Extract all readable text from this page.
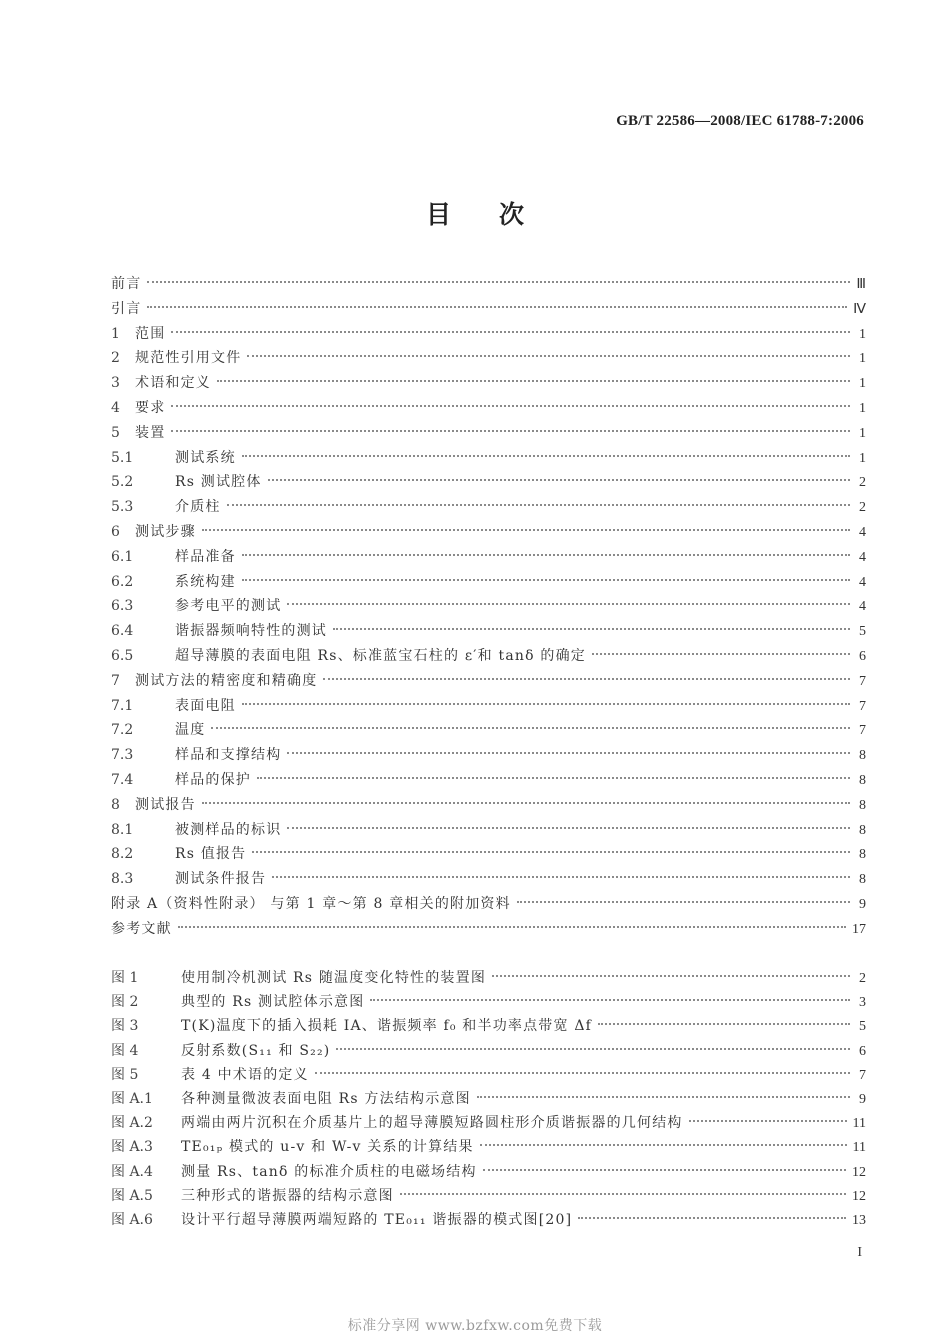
GB/T 22586—2008/IEC 61788-7:2006
目次
前言	Ⅲ
引言	Ⅳ
1	范围	1
2	规范性引用文件	1
3	术语和定义	1
4	要求	1
5	装置	1
5.1	测试系统	1
5.2	Rs 测试腔体	2
5.3	介质柱	2
6	测试步骤	4
6.1	样品准备	4
6.2	系统构建	4
6.3	参考电平的测试	4
6.4	谐振器频响特性的测试	5
6.5	超导薄膜的表面电阻 Rs、标准蓝宝石柱的 ε′和 tanδ 的确定	6
7	测试方法的精密度和精确度	7
7.1	表面电阻	7
7.2	温度	7
7.3	样品和支撑结构	8
7.4	样品的保护	8
8	测试报告	8
8.1	被测样品的标识	8
8.2	Rs 值报告	8
8.3	测试条件报告	8
附录 A（资料性附录） 与第 1 章～第 8 章相关的附加资料	9
参考文献	17
图 1	使用制冷机测试 Rs 随温度变化特性的装置图	2
图 2	典型的 Rs 测试腔体示意图	3
图 3	T(K)温度下的插入损耗 IA、谐振频率 f₀ 和半功率点带宽 Δf	5
图 4	反射系数(S₁₁ 和 S₂₂)	6
图 5	表 4 中术语的定义	7
图 A.1	各种测量微波表面电阻 Rs 方法结构示意图	9
图 A.2	两端由两片沉积在介质基片上的超导薄膜短路圆柱形介质谐振器的几何结构	11
图 A.3	TE₀₁ₚ 模式的 u-v 和 W-v 关系的计算结果	11
图 A.4	测量 Rs、tanδ 的标准介质柱的电磁场结构	12
图 A.5	三种形式的谐振器的结构示意图	12
图 A.6	设计平行超导薄膜两端短路的 TE₀₁₁ 谐振器的模式图[20]	13
I
标准分享网 www.bzfxw.com免费下载
